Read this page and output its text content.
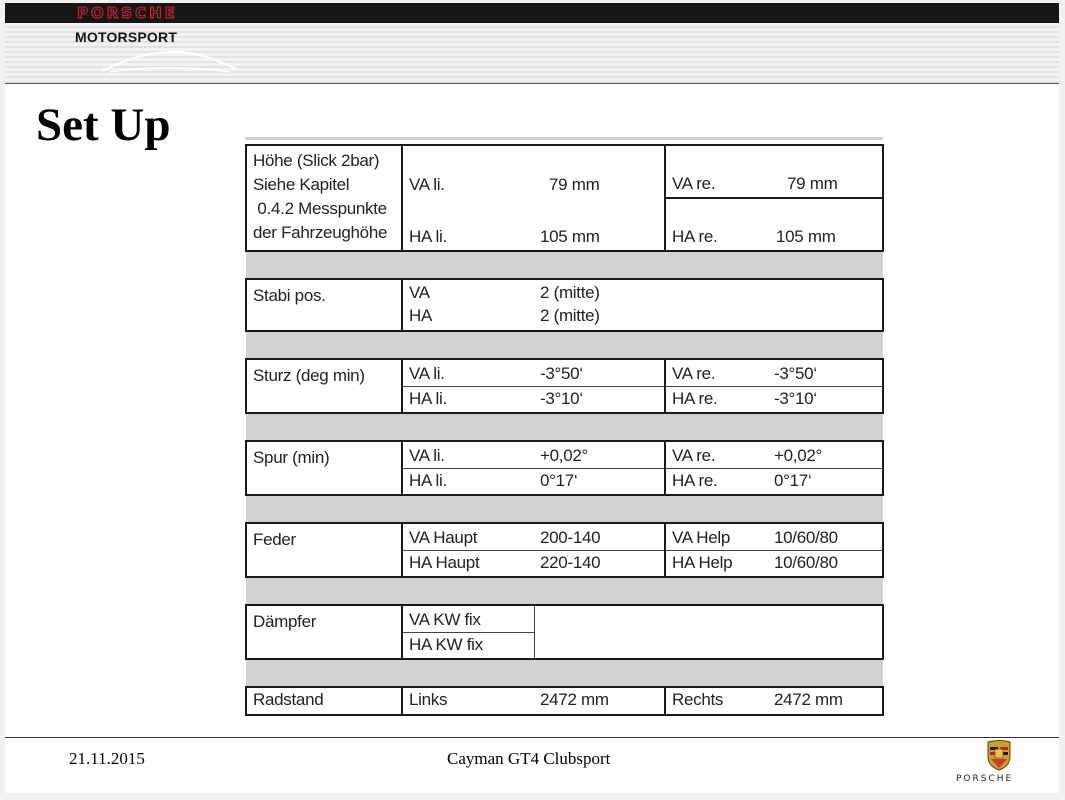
PORSCHE
MOTORSPORT
Set Up
Höhe (Slick 2bar)
Siehe Kapitel
0.4.2 Messpunkte
der Fahrzeughöhe	VA li.	79 mm	VA re.	79 mm
	HA li.	105 mm	HA re.	105 mm

Stabi pos.	VA	2 (mitte)		
	HA	2 (mitte)		

Sturz (deg min)	VA li.	-3°50‘	VA re.	-3°50‘
	HA li.	-3°10‘	HA re.	-3°10‘

Spur (min)	VA li.	+0,02°	VA re.	+0,02°
	HA li.	0°17‘	HA re.	0°17‘

Feder	VA Haupt	200-140	VA Help	10/60/80
	HA Haupt	220-140	HA Help	10/60/80

Dämpfer	VA KW fix			
	HA KW fix			

Radstand	Links	2472 mm	Rechts	2472 mm
21.11.2015	Cayman GT4 Clubsport
PORSCHE
